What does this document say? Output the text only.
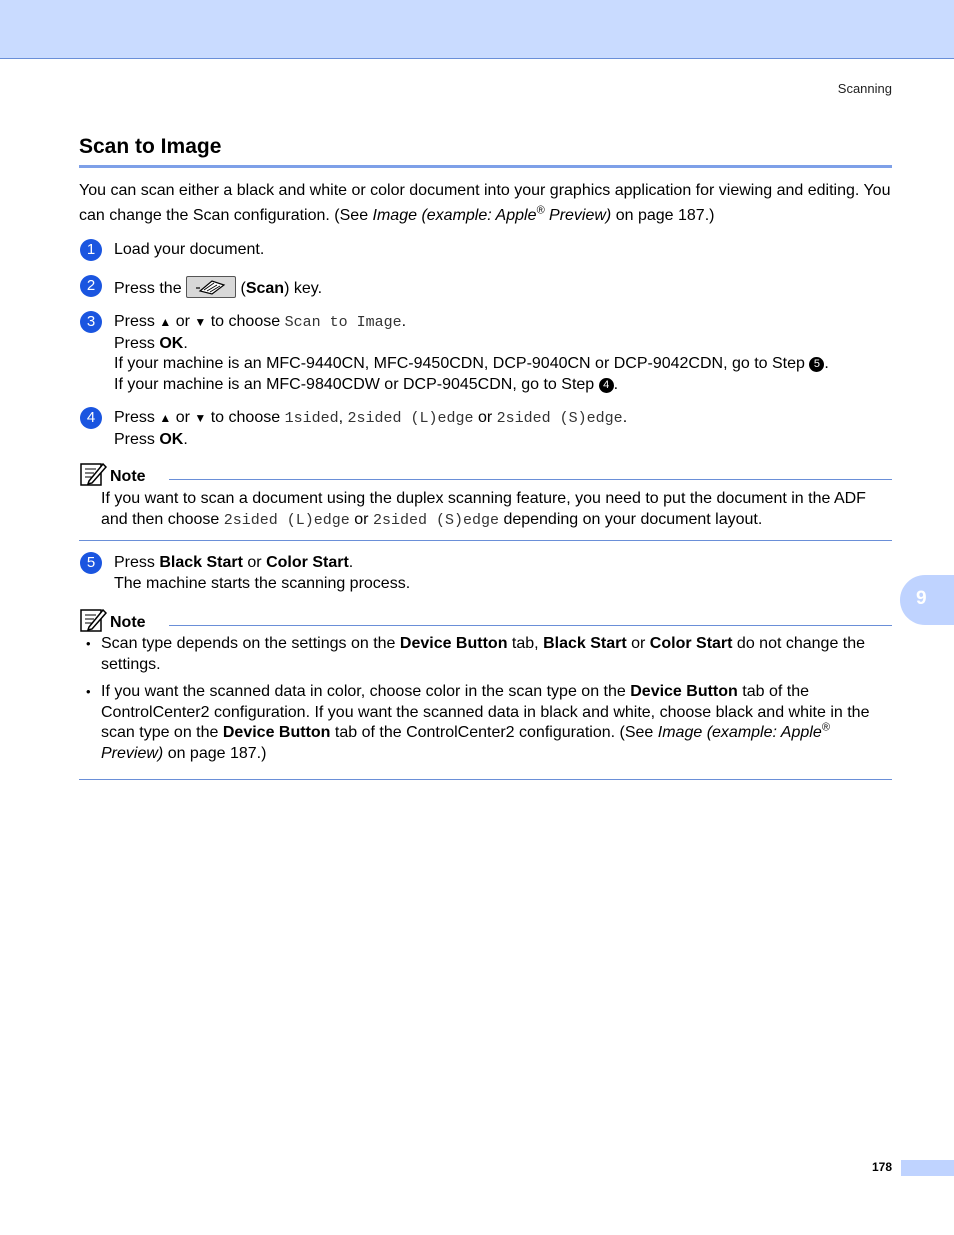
Scanning
Scan to Image
You can scan either a black and white or color document into your graphics application for viewing and editing. You can change the Scan configuration. (See Image (example: Apple® Preview) on page 187.)
1	Load your document.
2	Press the	(Scan) key.
3	Press ▲ or ▼ to choose Scan to Image.
Press OK.
If your machine is an MFC-9440CN, MFC-9450CDN, DCP-9040CN or DCP-9042CDN, go to Step 5 .
If your machine is an MFC-9840CDW or DCP-9045CDN, go to Step 4 .
4	Press ▲ or ▼ to choose 1sided, 2sided (L)edge or 2sided (S)edge.
Press OK.
Note
If you want to scan a document using the duplex scanning feature, you need to put the document in the ADF and then choose 2sided (L)edge or 2sided (S)edge depending on your document layout.
5	Press Black Start or Color Start.
The machine starts the scanning process.
Note
• Scan type depends on the settings on the Device Button tab, Black Start or Color Start do not change the settings.
• If you want the scanned data in color, choose color in the scan type on the Device Button tab of the ControlCenter2 configuration. If you want the scanned data in black and white, choose black and white in the scan type on the Device Button tab of the ControlCenter2 configuration. (See Image (example: Apple® Preview) on page 187.)
9
178
